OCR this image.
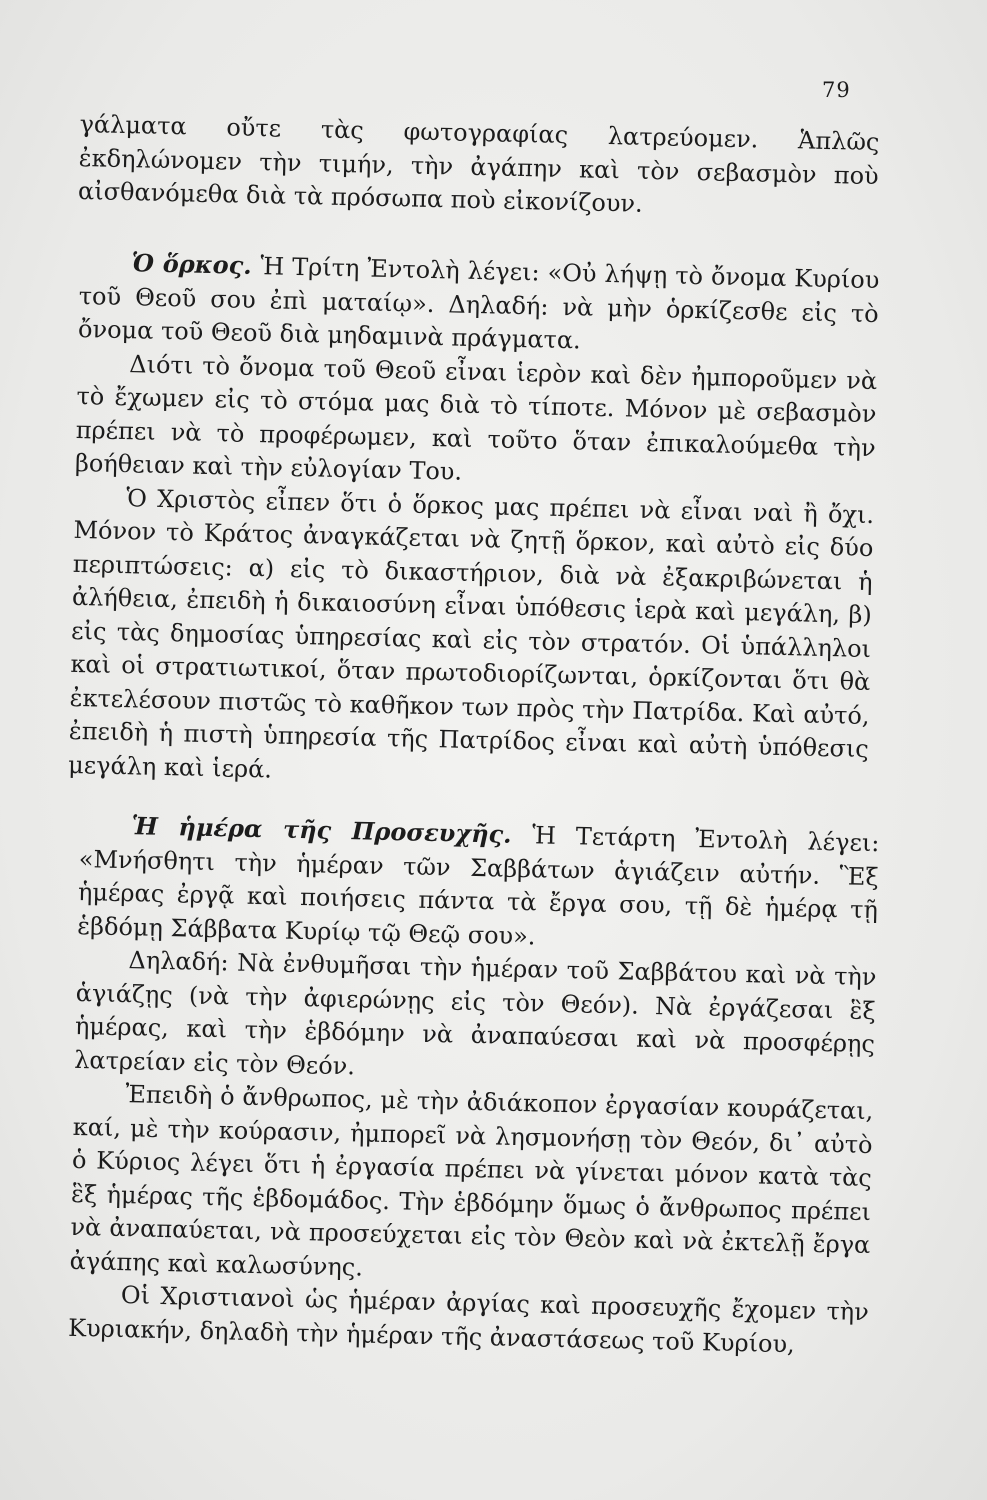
79

γάλματα οὔτε τὰς φωτογραφίας λατρεύομεν. Ἁπλῶς ἐκδηλώνομεν τὴν τιμήν, τὴν ἀγάπην καὶ τὸν σεβασμὸν ποὺ αἰσθανόμεθα διὰ τὰ πρόσωπα ποὺ εἰκονίζουν.

Ὁ ὅρκος. Ἡ Τρίτη Ἐντολὴ λέγει: «Οὐ λήψῃ τὸ ὄνομα Κυρίου τοῦ Θεοῦ σου ἐπὶ ματαίῳ». Δηλαδή: νὰ μὴν ὁρκίζεσθε εἰς τὸ ὄνομα τοῦ Θεοῦ διὰ μηδαμινὰ πράγματα.

Διότι τὸ ὄνομα τοῦ Θεοῦ εἶναι ἱερὸν καὶ δὲν ἠμποροῦμεν νὰ τὸ ἔχωμεν εἰς τὸ στόμα μας διὰ τὸ τίποτε. Μόνον μὲ σεβασμὸν πρέπει νὰ τὸ προφέρωμεν, καὶ τοῦτο ὅταν ἐπικαλούμεθα τὴν βοήθειαν καὶ τὴν εὐλογίαν Του.

Ὁ Χριστὸς εἶπεν ὅτι ὁ ὅρκος μας πρέπει νὰ εἶναι ναὶ ἢ ὄχι. Μόνον τὸ Κράτος ἀναγκάζεται νὰ ζητῇ ὅρκον, καὶ αὐτὸ εἰς δύο περιπτώσεις: α) εἰς τὸ δικαστήριον, διὰ νὰ ἐξακριβώνεται ἡ ἀλήθεια, ἐπειδὴ ἡ δικαιοσύνη εἶναι ὑπόθεσις ἱερὰ καὶ μεγάλη, β) εἰς τὰς δημοσίας ὑπηρεσίας καὶ εἰς τὸν στρατόν. Οἱ ὑπάλληλοι καὶ οἱ στρατιωτικοί, ὅταν πρωτοδιορίζωνται, ὁρκίζονται ὅτι θὰ ἐκτελέσουν πιστῶς τὸ καθῆκον των πρὸς τὴν Πατρίδα. Καὶ αὐτό, ἐπειδὴ ἡ πιστὴ ὑπηρεσία τῆς Πατρίδος εἶναι καὶ αὐτὴ ὑπόθεσις μεγάλη καὶ ἱερά.

Ἡ ἡμέρα τῆς Προσευχῆς. Ἡ Τετάρτη Ἐντολὴ λέγει: «Μνήσθητι τὴν ἡμέραν τῶν Σαββάτων ἁγιάζειν αὐτήν. Ἓξ ἡμέρας ἐργᾷ καὶ ποιήσεις πάντα τὰ ἔργα σου, τῇ δὲ ἡμέρᾳ τῇ ἑβδόμῃ Σάββατα Κυρίῳ τῷ Θεῷ σου».

Δηλαδή: Νὰ ἐνθυμῆσαι τὴν ἡμέραν τοῦ Σαββάτου καὶ νὰ τὴν ἁγιάζῃς (νὰ τὴν ἀφιερώνῃς εἰς τὸν Θεόν). Νὰ ἐργάζεσαι ἓξ ἡμέρας, καὶ τὴν ἑβδόμην νὰ ἀναπαύεσαι καὶ νὰ προσφέρῃς λατρείαν εἰς τὸν Θεόν.

Ἐπειδὴ ὁ ἄνθρωπος, μὲ τὴν ἀδιάκοπον ἐργασίαν κουράζεται, καί, μὲ τὴν κούρασιν, ἠμπορεῖ νὰ λησμονήσῃ τὸν Θεόν, δι᾿ αὐτὸ ὁ Κύριος λέγει ὅτι ἡ ἐργασία πρέπει νὰ γίνεται μόνον κατὰ τὰς ἓξ ἡμέρας τῆς ἑβδομάδος. Τὴν ἑβδόμην ὅμως ὁ ἄνθρωπος πρέπει νὰ ἀναπαύεται, νὰ προσεύχεται εἰς τὸν Θεὸν καὶ νὰ ἐκτελῇ ἔργα ἀγάπης καὶ καλωσύνης.

Οἱ Χριστιανοὶ ὡς ἡμέραν ἀργίας καὶ προσευχῆς ἔχομεν τὴν Κυριακήν, δηλαδὴ τὴν ἡμέραν τῆς ἀναστάσεως τοῦ Κυρίου,
